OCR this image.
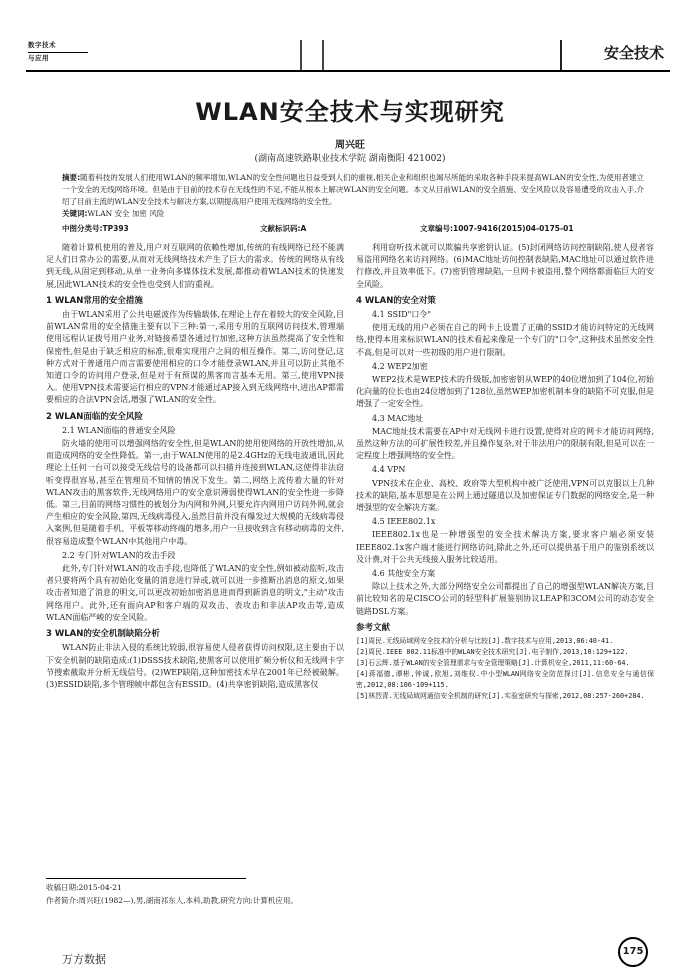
数字技术
与应用	安全技术
WLAN安全技术与实现研究
周兴旺
(湖南高速铁路职业技术学院 湖南衡阳 421002)
摘要:随着科技的发展人们使用WLAN的频率增加,WLAN的安全性问题也日益受到人们的重视,相关企业和组织也竭尽所能的采取各种手段来提高WLAN的安全性,为使用者建立一个安全的无线网络环境。但是由于目前的技术存在无线性的不足,不能从根本上解决WLAN的安全问题。本文从目前WLAN的安全措施、安全风险以及容易遭受的攻击入手,介绍了目前主流的WLAN安全技术与解决方案,以期提高用户使用无线网络的安全性。
关键词:WLAN 安全 加密 风险
中图分类号:TP393	文献标识码:A	文章编号:1007-9416(2015)04-0175-01

随着计算机使用的普及,用户对互联网的依赖性增加,传统的有线网络已经不能满足人们日常办公的需要,从而对无线网络技术产生了巨大的需求。传统的网络从有线到无线,从固定到移动,从单一业务向多媒体技术发展,都推动着WLAN技术的快速发展,因此WLAN技术的安全性也受到人们的重视。

1 WLAN常用的安全措施

由于WLAN采用了公共电磁波作为传输载体,在理论上存在着较大的安全风险,目前WLAN常用的安全措施主要有以下三种:第一,采用专用的互联网访问技术,管理端使用远程认证拨号用户业务,对链接希望各通过行加密,这种方法虽然提高了安全性和保密性,但是由于缺乏相应的标准,很难实现用户之间的相互操作。第二,访问登记,这种方式对于普通用户而言需要使用相应的口令才能登录WLAN,并且可以防止其他不知道口令的访问用户登录,但是对于有预谋的黑客而言基本无用。第三,使用VPN接入。使用VPN技术需要运行相应的VPN才能通过AP接入到无线网络中,进出AP都需要相应的合法VPN会话,增强了WLAN的安全性。

2 WLAN面临的安全风险
2.1 WLAN面临的普通安全风险

防火墙的使用可以增强网络的安全性,但是WLAN的使用使网络的开放性增加,从而造成网络的安全性降低。第一,由于WALN使用的是2.4GHz的无线电波通讯,因此理论上任何一台可以接受无线信号的设备都可以扫描并连接到WLAN,这使得非法窃听变得很容易,甚至在管理员不知情的情况下发生。第二,网络上流传着大量的针对WLAN攻击的黑客软件,无线网络用户的安全意识薄弱使得WLAN的安全性进一步降低。第三,目前的网络习惯性的被划分为内网和外网,只要允许内网用户访问外网,就会产生相应的安全风险,第四,无线病毒侵入,虽然目前并没有爆发过大规模的无线病毒侵入案例,但是随着手机、平板等移动终端的增多,用户一旦接收到含有移动病毒的文件,很容易造成整个WLAN中其他用户中毒。

2.2 专门针对WLAN的攻击手段

此外,专门针对WLAN的攻击手段,也降低了WLAN的安全性,例如被动监听,攻击者只要将两个具有初始化变量的消息进行异或,就可以进一步推断出消息的原文,如果攻击者知道了消息的明文,可以更改初始加密消息进而得到新消息的明文,"主动"攻击网络用户。此外,还有面向AP和客户端的双攻击、表攻击和非法AP攻击等,造成WLAN面临严峻的安全风险。

3 WLAN的安全机制缺陷分析

WLAN防止非法入侵的系统比较弱,很容易使人侵者获得访问权限,这主要由于以下安全机制的缺陷造成:(1)DSSS技术缺陷,使黑客可以使用扩频分析仪和无线网卡字节搜索截取并分析无线信号。(2)WEP缺陷,这种加密技术早在2001年已经被破解。(3)ESSID缺陷,多个管理帧中都包含有ESSID。(4)共享密钥缺陷,造成黑客仅

利用窃听技术就可以欺骗共享密钥认证。(5)封闭网络访问控制缺陷,使人侵者容易盗用网络名来访问网络。(6)MAC地址访问控制表缺陷,MAC地址可以通过软件进行修改,并且效率低下。(7)密钥管理缺陷,一旦网卡被盗用,整个网络都面临巨大的安全风险。

4 WLAN的安全对策
4.1 SSID"口令"

使用无线的用户必须在自己的网卡上设置了正确的SSID才能访问特定的无线网络,使得本用来标识WLAN的技术看起来像是一个专门的"口令",这种技术虽然安全性不高,但是可以对一些初级的用户进行限制。

4.2 WEP2加密

WEP2技术是WEP技术的升级版,加密密钥从WEP的40位增加到了104位,初始化向量的位长也由24位增加到了128位,虽然WEP加密机制本身的缺陷不可克服,但是增强了一定安全性。

4.3 MAC地址

MAC地址技术需要在AP中对无线网卡进行设置,使得对应的网卡才能访问网络,虽然这种方法的可扩展性较差,并且操作复杂,对于非法用户的限制有限,但是可以在一定程度上增强网络的安全性。

4.4 VPN

VPN技术在企业、高校、政府等大型机构中被广泛使用,VPN可以克服以上几种技术的缺陷,基本思想是在公网上通过隧道以及加密保证专门数据的网络安全,是一种增强型的安全解决方案。

4.5 IEEE802.1x

IEEE802.1x也是一种增强型的安全技术解决方案,要求客户端必须安装IEEE802.1x客户端才能进行网络访问,除此之外,还可以提供基于用户的鉴别系统以及计费,对于公共无线接入服务比较适用。

4.6 其他安全方案

除以上技术之外,大部分网络安全公司都提出了自己的增强型WLAN解决方案,目前比较知名的是CISCO公司的轻型科扩展鉴别协议LEAP和3COM公司的动态安全链路DSL方案。

参考文献

[1]周民.无线局域网安全技术的分析与比较[J].数字技术与应用,2013,06:40-41.

[2]周民.IEEE 802.11标准中的WLAN安全技术研究[J].电子制作,2013,10:129+122.

[3]石云辉.基于WLAN的安全管理需求与安全管理策略[J].计算机安全,2011,11:60-64.

[4]蒋福德,谭彬,钟诚,欧旭,刘维权.中小型WLAN网络安全防范探讨[J].信息安全与通信保密,2012,08:106-109+115.

[5]林烈青.无线局域网通信安全机制的研究[J].实验室研究与探索,2012,08:257-260+284.

收稿日期:2015-04-21
作者简介:周兴旺(1982—),男,湖南祁东人,本科,助教,研究方向:计算机应用。
175
万方数据
